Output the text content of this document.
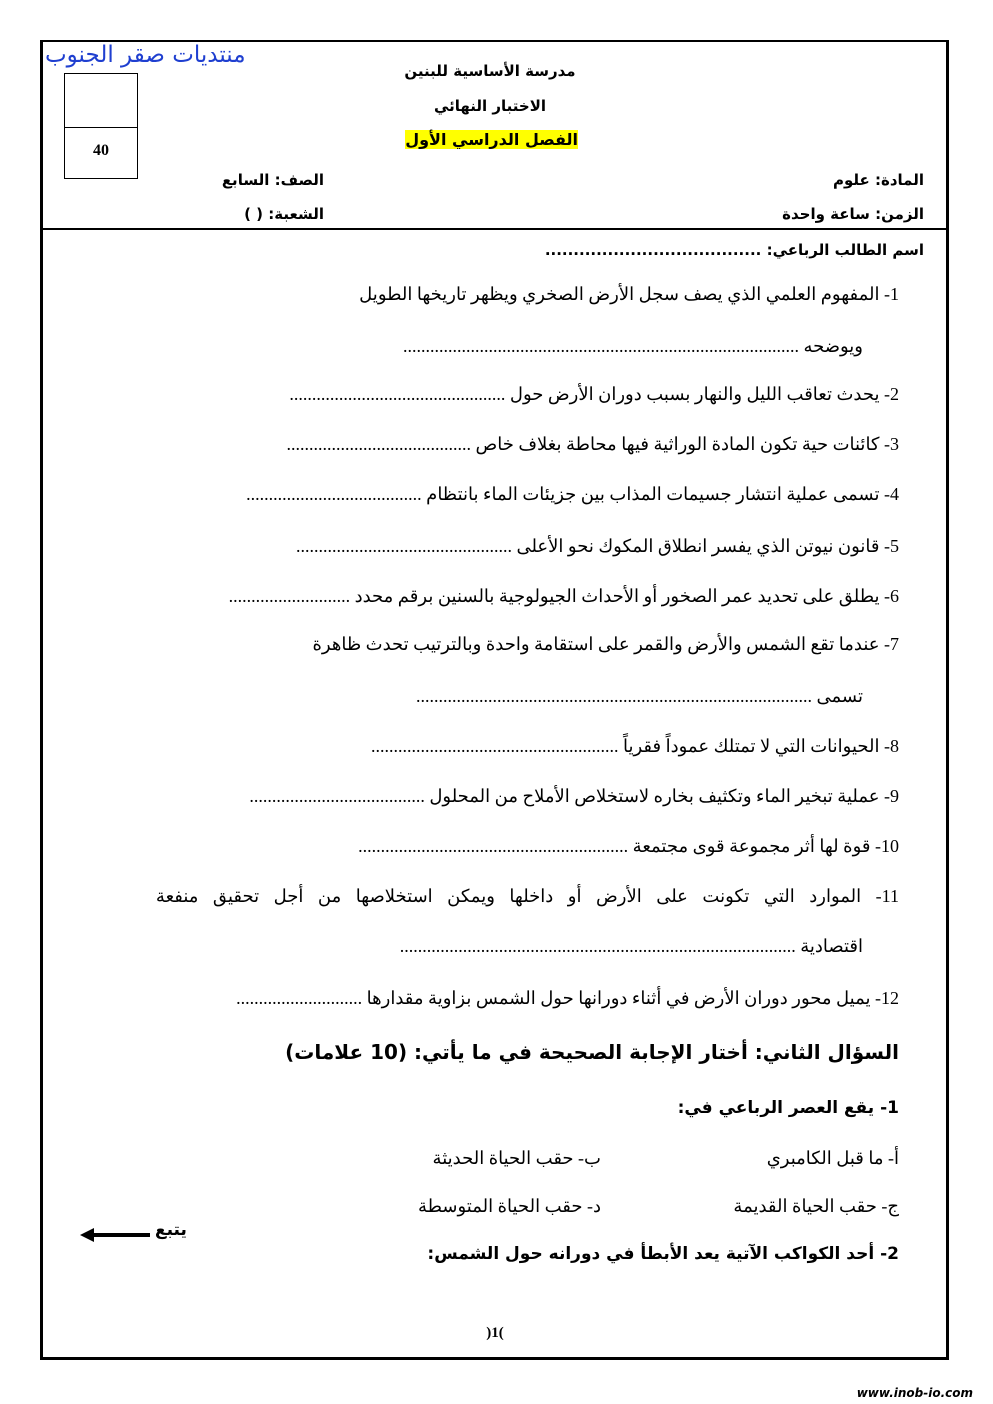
منتديات صقر الجنوب
40
مدرسة الأساسية للبنين
الاختبار النهائي
الفصل الدراسي الأول
المادة: علوم
الصف: السابع
الزمن: ساعة واحدة
الشعبة: ( )
اسم الطالب الرباعي: ......................................
1- المفهوم العلمي الذي يصف سجل الأرض الصخري ويظهر تاريخها الطويل
ويوضحه ........................................................................................
2- يحدث تعاقب الليل والنهار بسبب دوران الأرض حول ................................................
3- كائنات حية تكون المادة الوراثية فيها محاطة بغلاف خاص .........................................
4- تسمى عملية انتشار جسيمات المذاب بين جزيئات الماء بانتظام .......................................
5- قانون نيوتن الذي يفسر انطلاق المكوك نحو الأعلى ................................................
6- يطلق على تحديد عمر الصخور أو الأحداث الجيولوجية بالسنين برقم محدد ...........................
7- عندما تقع الشمس والأرض والقمر على استقامة واحدة وبالترتيب تحدث ظاهرة
تسمى ........................................................................................
8- الحيوانات التي لا تمتلك عموداً فقرياً .......................................................
9- عملية تبخير الماء وتكثيف بخاره لاستخلاص الأملاح من المحلول .......................................
10- قوة لها أثر مجموعة قوى مجتمعة ............................................................
11- الموارد التي تكونت على الأرض أو داخلها ويمكن استخلاصها من أجل تحقيق منفعة
اقتصادية ........................................................................................
12- يميل محور دوران الأرض في أثناء دورانها حول الشمس بزاوية مقدارها ............................
السؤال الثاني: أختار الإجابة الصحيحة في ما يأتي: (10 علامات)
1- يقع العصر الرباعي في:
أ- ما قبل الكامبري
ب- حقب الحياة الحديثة
ج- حقب الحياة القديمة
د- حقب الحياة المتوسطة
2- أحد الكواكب الآتية يعد الأبطأ في دورانه حول الشمس:
يتبع
)1(
www.inob-io.com
